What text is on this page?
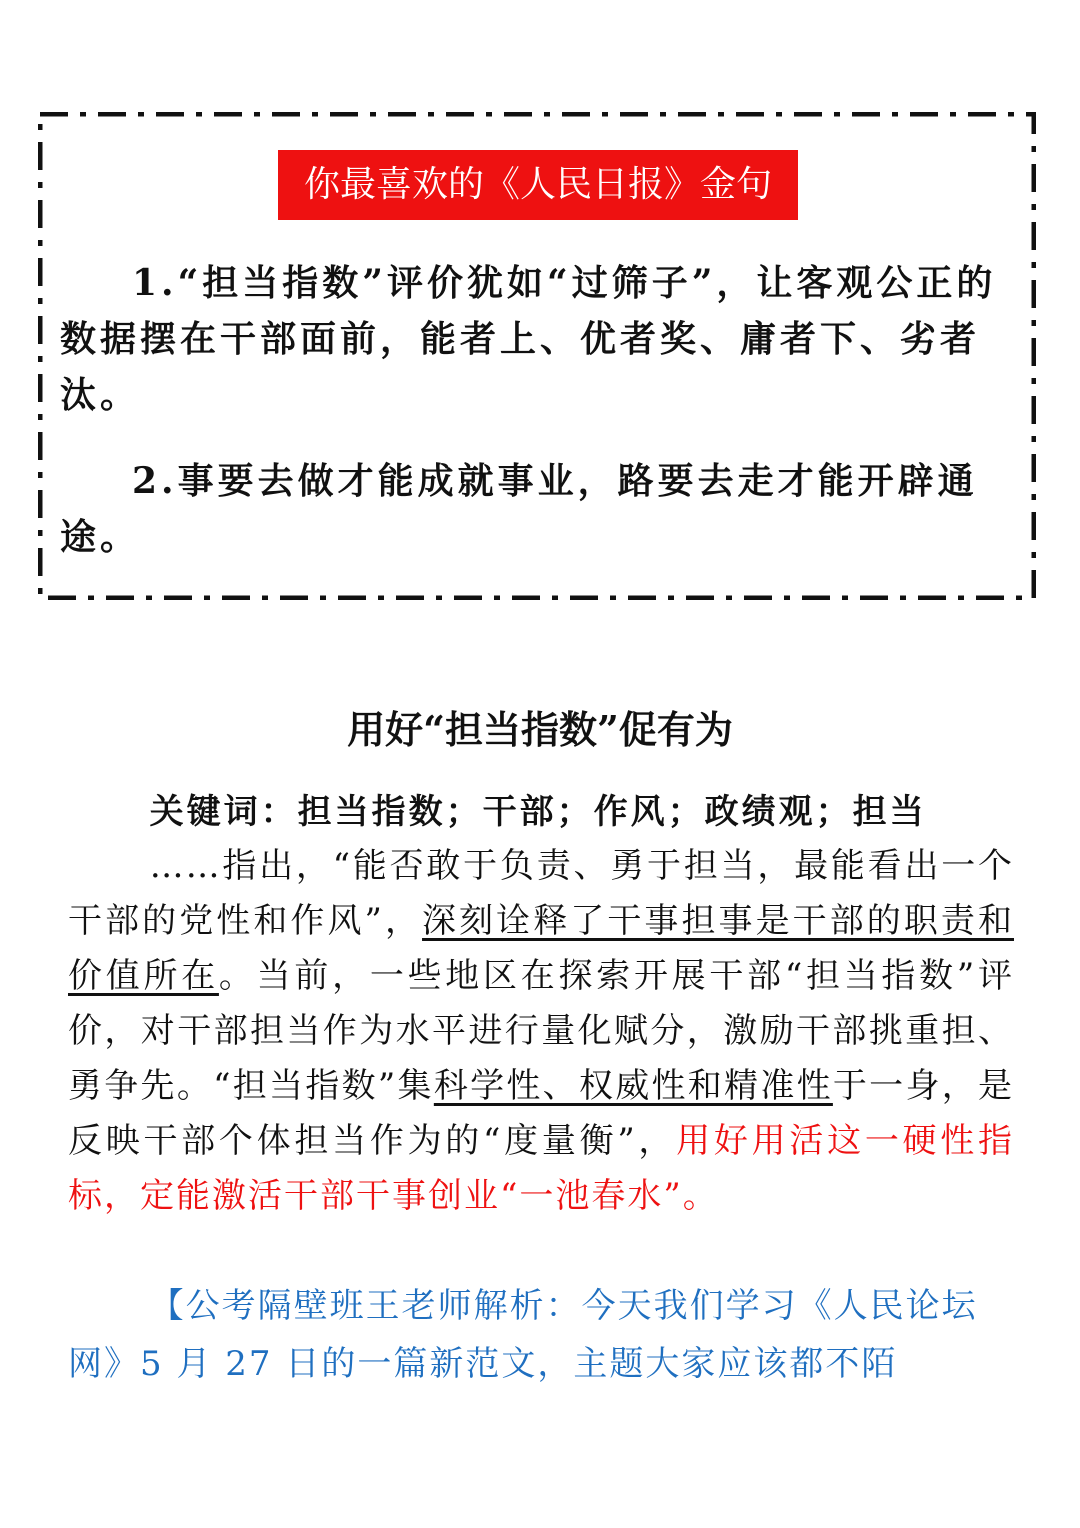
你最喜欢的《人民日报》金句

1.“担当指数”评价犹如“过筛子”，让客观公正的数据摆在干部面前，能者上、优者奖、庸者下、劣者汰。

2.事要去做才能成就事业，路要去走才能开辟通途。

用好“担当指数”促有为

关键词：担当指数；干部；作风；政绩观；担当

……指出，“能否敢于负责、勇于担当，最能看出一个干部的党性和作风”，深刻诠释了干事担事是干部的职责和价值所在。当前，一些地区在探索开展干部“担当指数”评价，对干部担当作为水平进行量化赋分，激励干部挑重担、勇争先。“担当指数”集科学性、权威性和精准性于一身，是反映干部个体担当作为的“度量衡”，用好用活这一硬性指标，定能激活干部干事创业“一池春水”。

【公考隔壁班王老师解析：今天我们学习《人民论坛网》5 月 27 日的一篇新范文，主题大家应该都不陌
